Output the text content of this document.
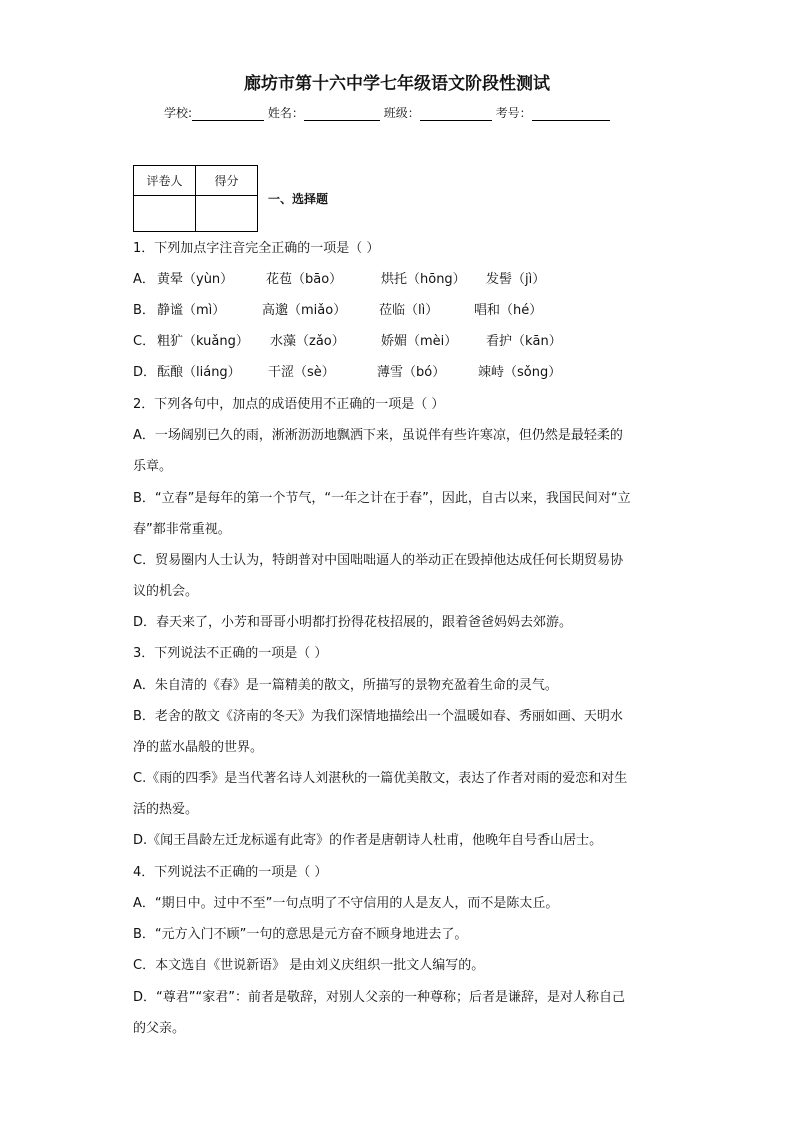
廊坊市第十六中学七年级语文阶段性测试
学校:	姓名：	班级：	考号：
评卷人	得分

一、选择题
1．下列加点字注音完全正确的一项是（ ）
A． 黄晕（yùn）	花苞（bāo）	烘托（hōng） 发髻（jì）
B． 静谧（mì）	高邈（miǎo）	莅临（lì）	唱和（hé）
C． 粗犷（kuǎng） 水藻（zǎo）	娇媚（mèi） 看护（kān）
D． 酝酿（liáng） 干涩（sè）	薄雪（bó）	竦峙（sǒng）
2．下列各句中，加点的成语使用不正确的一项是（ ）
A．一场阔别已久的雨，淅淅沥沥地飘洒下来，虽说伴有些许寒凉，但仍然是最轻柔的
乐章。
B．“立春”是每年的第一个节气，“一年之计在于春”，因此，自古以来，我国民间对“立
春”都非常重视。
C．贸易圈内人士认为，特朗普对中国咄咄逼人的举动正在毁掉他达成任何长期贸易协
议的机会。
D．春天来了，小芳和哥哥小明都打扮得花枝招展的，跟着爸爸妈妈去郊游。
3．下列说法不正确的一项是（ ）
A．朱自清的《春》是一篇精美的散文，所描写的景物充盈着生命的灵气。
B．老舍的散文《济南的冬天》为我们深情地描绘出一个温暖如春、秀丽如画、天明水
净的蓝水晶般的世界。
C.《雨的四季》是当代著名诗人刘湛秋的一篇优美散文，表达了作者对雨的爱恋和对生
活的热爱。
D.《闻王昌龄左迁龙标遥有此寄》的作者是唐朝诗人杜甫，他晚年自号香山居士。
4．下列说法不正确的一项是（ ）
A．“期日中。过中不至”一句点明了不守信用的人是友人，而不是陈太丘。
B．“元方入门不顾”一句的意思是元方奋不顾身地进去了。
C．本文选自《世说新语》 是由刘义庆组织一批文人编写的。
D．“尊君”“家君”：前者是敬辞，对别人父亲的一种尊称；后者是谦辞，是对人称自己
的父亲。
